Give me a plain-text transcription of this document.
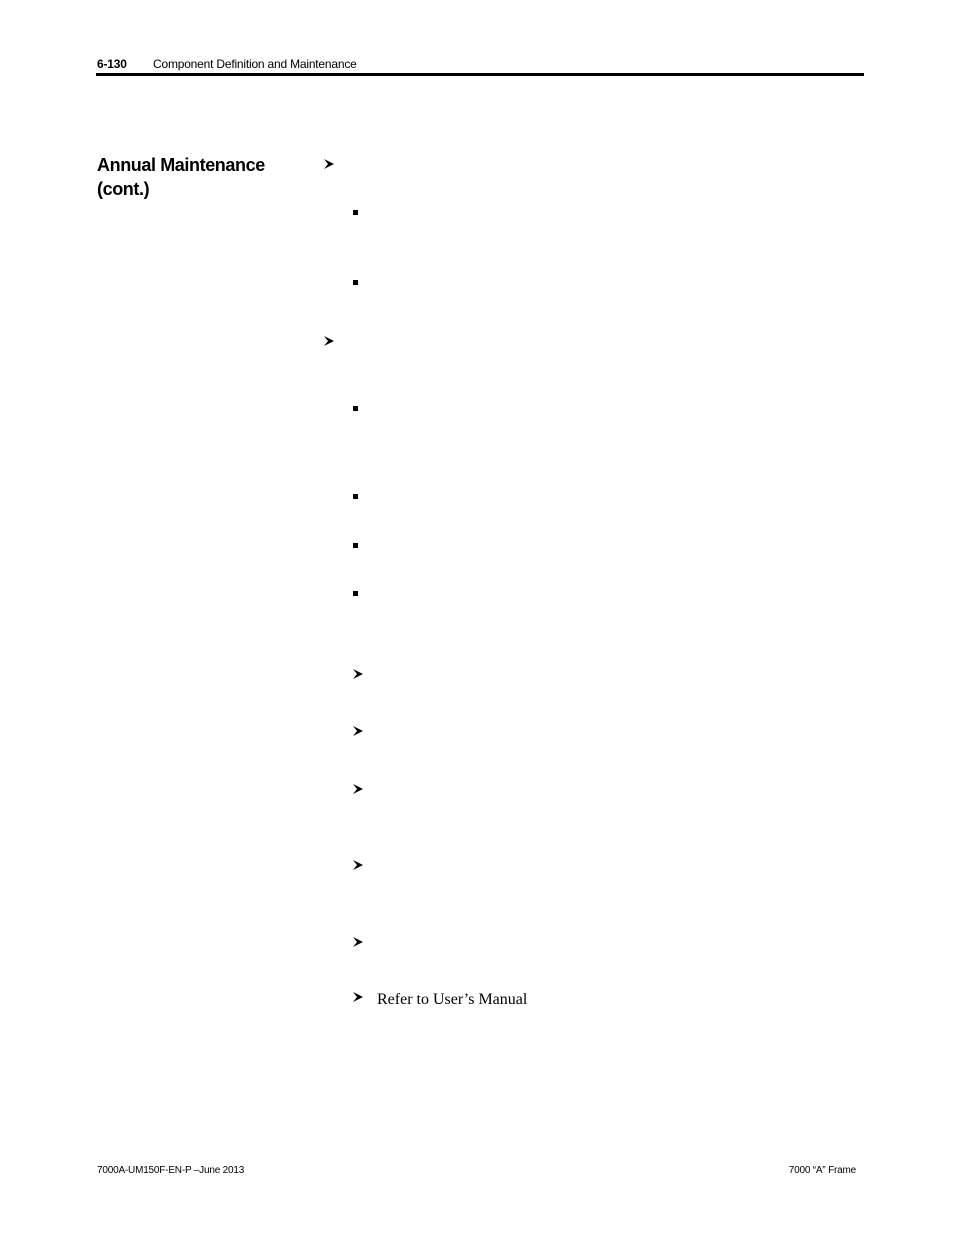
6-130 Component Definition and Maintenance
Annual Maintenance (cont.)
Refer to User’s Manual
7000A-UM150F-EN-P –June 2013	7000 “A” Frame
